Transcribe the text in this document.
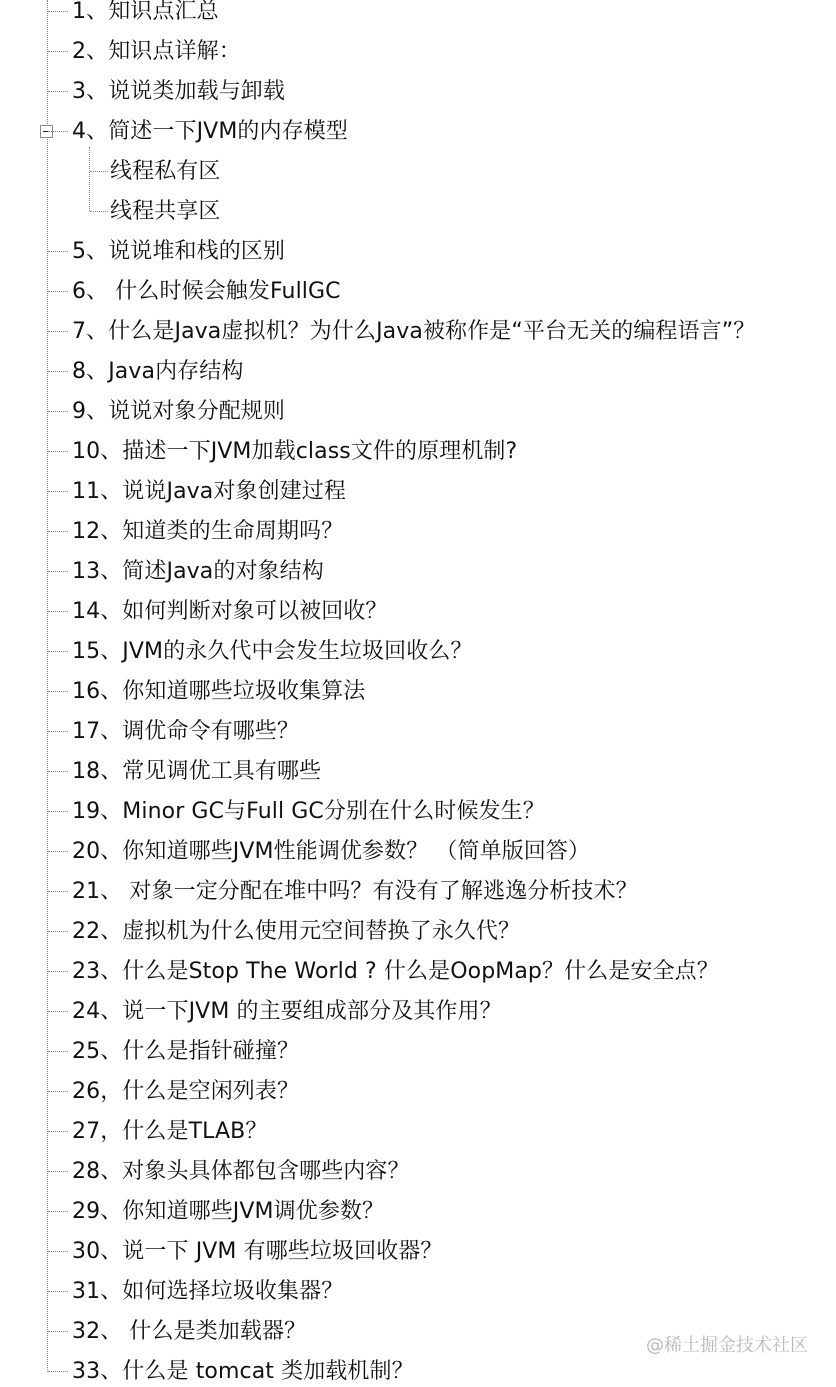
1、知识点汇总
2、知识点详解：
3、说说类加载与卸载
4、简述一下JVM的内存模型
线程私有区
线程共享区
5、说说堆和栈的区别
6、 什么时候会触发FullGC
7、什么是Java虚拟机？为什么Java被称作是“平台无关的编程语言”？
8、Java内存结构
9、说说对象分配规则
10、描述一下JVM加载class文件的原理机制?
11、说说Java对象创建过程
12、知道类的生命周期吗？
13、简述Java的对象结构
14、如何判断对象可以被回收？
15、JVM的永久代中会发生垃圾回收么？
16、你知道哪些垃圾收集算法
17、调优命令有哪些？
18、常见调优工具有哪些
19、Minor GC与Full GC分别在什么时候发生？
20、你知道哪些JVM性能调优参数？ （简单版回答）
21、 对象一定分配在堆中吗？有没有了解逃逸分析技术？
22、虚拟机为什么使用元空间替换了永久代？
23、什么是Stop The World ? 什么是OopMap？什么是安全点？
24、说一下JVM 的主要组成部分及其作用？
25、什么是指针碰撞？
26，什么是空闲列表？
27，什么是TLAB？
28、对象头具体都包含哪些内容？
29、你知道哪些JVM调优参数？
30、说一下 JVM 有哪些垃圾回收器？
31、如何选择垃圾收集器？
32、 什么是类加载器？
33、什么是 tomcat 类加载机制？
@稀土掘金技术社区
